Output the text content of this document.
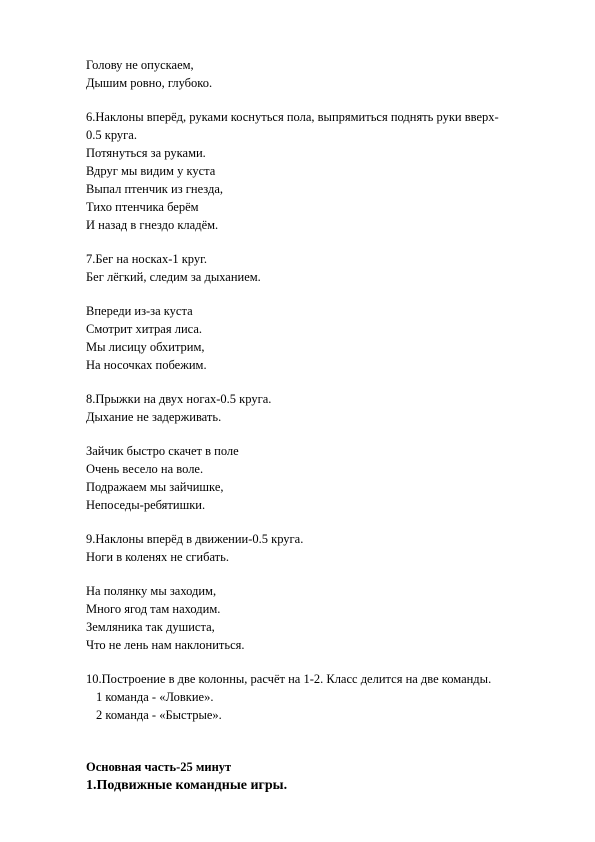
Голову не опускаем,

Дышим ровно, глубоко.

6.Наклоны вперёд, руками коснуться пола, выпрямиться поднять руки вверх-

0.5 круга.

Потянуться за руками.

Вдруг мы видим у куста

Выпал птенчик из гнезда,

Тихо птенчика берём

И назад в гнездо кладём.

7.Бег на носках-1 круг.

Бег лёгкий, следим за дыханием.

Впереди из-за куста

Смотрит хитрая лиса.

Мы лисицу обхитрим,

На носочках побежим.

8.Прыжки на двух ногах-0.5 круга.

Дыхание не задерживать.

Зайчик быстро скачет в поле

Очень весело на воле.

Подражаем мы зайчишке,

Непоседы-ребятишки.

9.Наклоны вперёд в движении-0.5 круга.

Ноги в коленях не сгибать.

На полянку мы заходим,

Много ягод там находим.

Земляника так душиста,

Что не лень нам наклониться.

10.Построение в две колонны, расчёт на 1-2. Класс делится на две команды.

1 команда - «Ловкие».

2 команда - «Быстрые».

Основная часть-25 минут

1.Подвижные командные игры.
